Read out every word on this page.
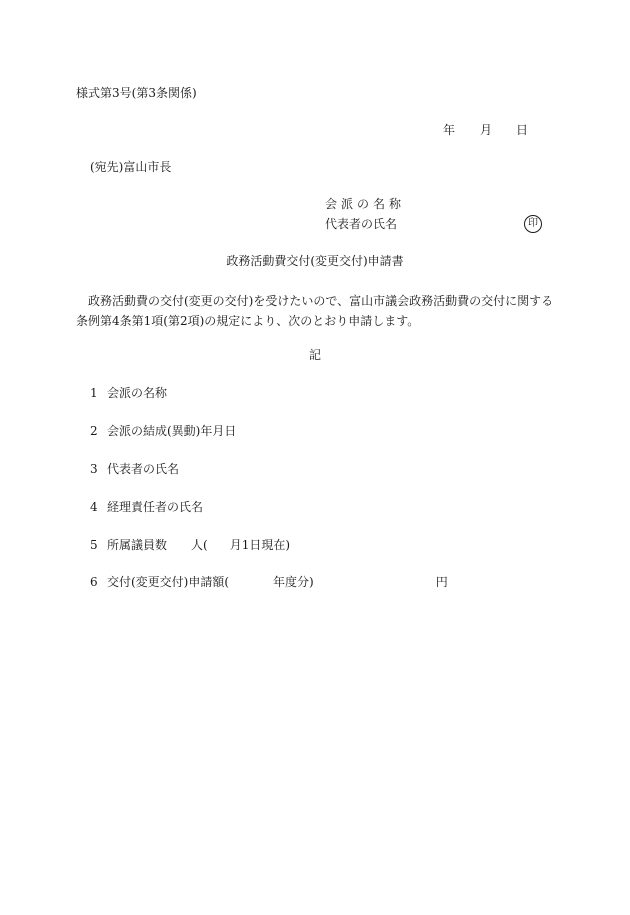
様式第3号(第3条関係)
年 月 日
(宛先)富山市長
会派の名称
代表者の氏名	印
政務活動費交付(変更交付)申請書
政務活動費の交付(変更の交付)を受けたいので、富山市議会政務活動費の交付に関する
条例第4条第1項(第2項)の規定により、次のとおり申請します。
記
1 会派の名称
2 会派の結成(異動)年月日
3 代表者の氏名
4 経理責任者の氏名
5 所属議員数 人( 月1日現在)
6 交付(変更交付)申請額(	年度分)	円
